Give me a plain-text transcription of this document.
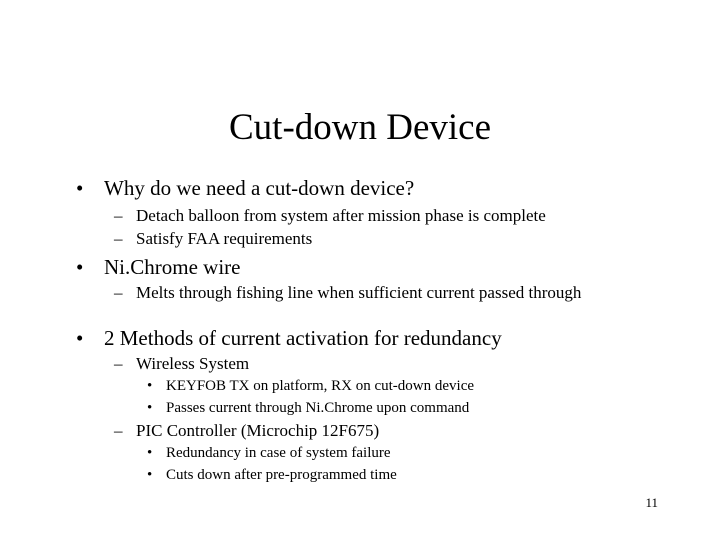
Cut-down Device
• Why do we need a cut-down device?
– Detach balloon from system after mission phase is complete
– Satisfy FAA requirements
• Ni.Chrome wire
– Melts through fishing line when sufficient current passed through
• 2 Methods of current activation for redundancy
– Wireless System
• KEYFOB TX on platform, RX on cut-down device
• Passes current through Ni.Chrome upon command
– PIC Controller (Microchip 12F675)
• Redundancy in case of system failure
• Cuts down after pre-programmed time
11
